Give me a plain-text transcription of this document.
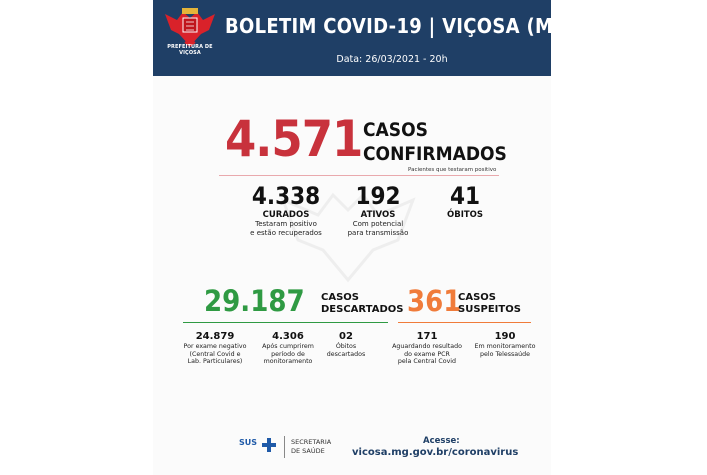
PREFEITURA DE VIÇOSA
BOLETIM COVID-19 | VIÇOSA (MG)
Data: 26/03/2021 - 20h
4.571 CASOS
CONFIRMADOS
Pacientes que testaram positivo
4.338
CURADOS
Testaram positivo
e estão recuperados
192
ATIVOS
Com potencial
para transmissão
41
ÓBITOS
29.187 CASOS
DESCARTADOS 361
CASOS
SUSPEITOS
24.879
Por exame negativo
(Central Covid e
Lab. Particulares)
4.306
Após cumprirem
período de
monitoramento
02
Óbitos
descartados
171
Aguardando resultado
do exame PCR
pela Central Covid
190
Em monitoramento
pelo Telessaúde
SUS	SECRETARIA
DE SAÚDE
Acesse:
vicosa.mg.gov.br/coronavirus
